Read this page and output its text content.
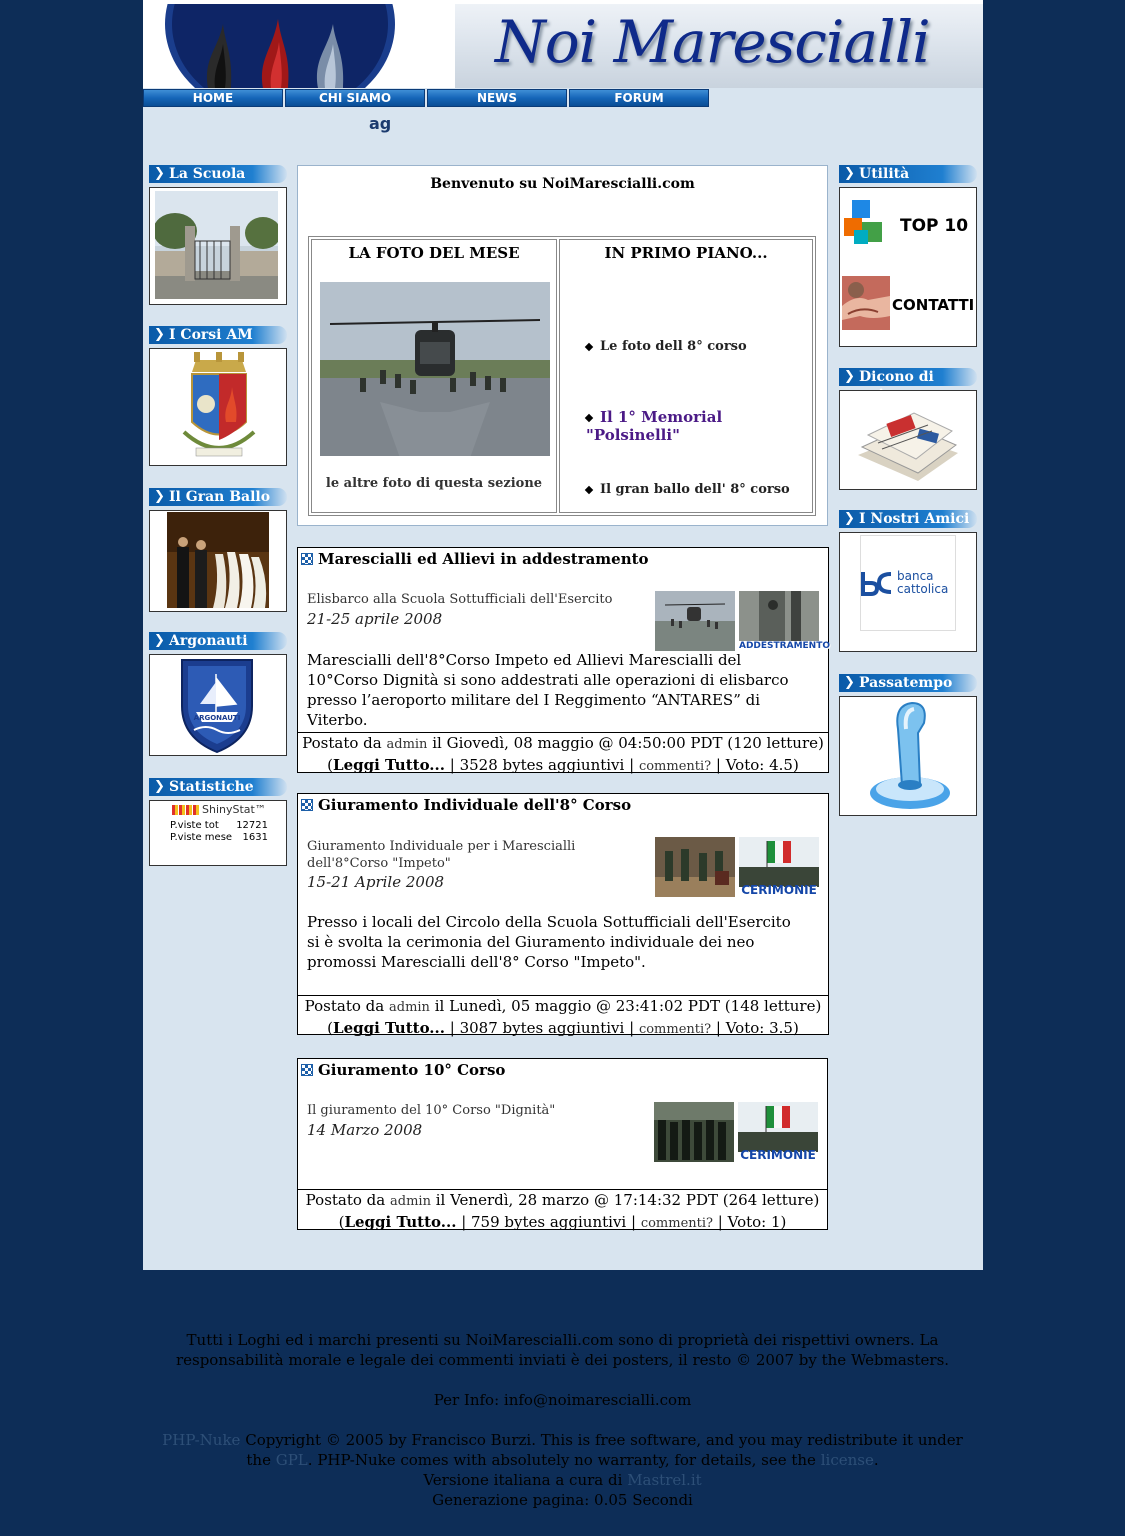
Noi Marescialli
HOME	CHI SIAMO	NEWS	FORUM
ag
❯ La Scuola
❯ I Corsi AM
❯ Il Gran Ballo
❯ Argonauti
ARGONAUTI
❯ Statistiche
ShinyStat™
P.viste tot 12721
P.viste mese 1631
❯ Utilità
TOP 10
CONTATTI
❯ Dicono di
❯ I Nostri Amici
banca
cattolica
❯ Passatempo
Benvenuto su NoiMarescialli.com
LA FOTO DEL MESE
le altre foto di questa sezione
IN PRIMO PIANO...
Le foto dell 8° corso
Il 1° Memorial "Polsinelli"
Il gran ballo dell' 8° corso
Marescialli ed Allievi in addestramento
Elisbarco alla Scuola Sottufficiali dell'Esercito
21-25 aprile 2008
ADDESTRAMENTO
Marescialli dell'8°Corso Impeto ed Allievi Marescialli del 10°Corso Dignità si sono addestrati alle operazioni di elisbarco presso l’aeroporto militare del I Reggimento “ANTARES” di Viterbo.
Postato da admin il Giovedì, 08 maggio @ 04:50:00 PDT (120 letture)
(Leggi Tutto... | 3528 bytes aggiuntivi | commenti? | Voto: 4.5)
Giuramento Individuale dell'8° Corso
Giuramento Individuale per i Marescialli dell'8°Corso "Impeto"
15-21 Aprile 2008	CERIMONIE
Presso i locali del Circolo della Scuola Sottufficiali dell'Esercito si è svolta la cerimonia del Giuramento individuale dei neo promossi Marescialli dell'8° Corso "Impeto".
Postato da admin il Lunedì, 05 maggio @ 23:41:02 PDT (148 letture)
(Leggi Tutto... | 3087 bytes aggiuntivi | commenti? | Voto: 3.5)
Giuramento 10° Corso
Il giuramento del 10° Corso "Dignità"
14 Marzo 2008
CERIMONIE
Postato da admin il Venerdì, 28 marzo @ 17:14:32 PDT (264 letture)
(Leggi Tutto... | 759 bytes aggiuntivi | commenti? | Voto: 1)
Tutti i Loghi ed i marchi presenti su NoiMarescialli.com sono di proprietà dei rispettivi owners. La responsabilità morale e legale dei commenti inviati è dei posters, il resto © 2007 by the Webmasters.
Per Info: info@noimarescialli.com
PHP-Nuke Copyright © 2005 by Francisco Burzi. This is free software, and you may redistribute it under the GPL. PHP-Nuke comes with absolutely no warranty, for details, see the license.
Versione italiana a cura di Mastrel.it
Generazione pagina: 0.05 Secondi
